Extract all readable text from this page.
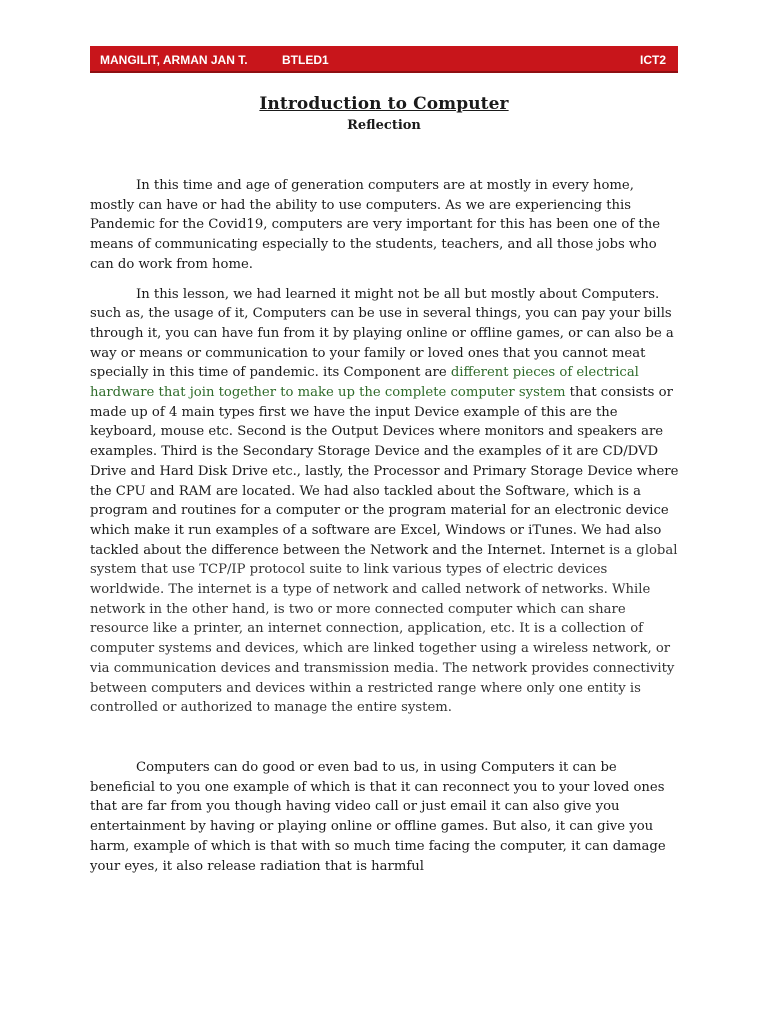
MANGILIT, ARMAN JAN T.	BTLED1	ICT2
Introduction to Computer
Reflection

In this time and age of generation computers are at mostly in every home, mostly can have or had the ability to use computers. As we are experiencing this Pandemic for the Covid19, computers are very important for this has been one of the means of communicating especially to the students, teachers, and all those jobs who can do work from home.

In this lesson, we had learned it might not be all but mostly about Computers. such as, the usage of it, Computers can be use in several things, you can pay your bills through it, you can have fun from it by playing online or offline games, or can also be a way or means or communication to your family or loved ones that you cannot meat specially in this time of pandemic. its Component are different pieces of electrical hardware that join together to make up the complete computer system that consists or made up of 4 main types first we have the input Device example of this are the keyboard, mouse etc. Second is the Output Devices where monitors and speakers are examples. Third is the Secondary Storage Device and the examples of it are CD/DVD Drive and Hard Disk Drive etc., lastly, the Processor and Primary Storage Device where the CPU and RAM are located. We had also tackled about the Software, which is a program and routines for a computer or the program material for an electronic device which make it run examples of a software are Excel, Windows or iTunes. We had also tackled about the difference between the Network and the Internet. Internet is a global system that use TCP/IP protocol suite to link various types of electric devices worldwide. The internet is a type of network and called network of networks. While network in the other hand, is two or more connected computer which can share resource like a printer, an internet connection, application, etc. It is a collection of computer systems and devices, which are linked together using a wireless network, or via communication devices and transmission media. The network provides connectivity between computers and devices within a restricted range where only one entity is controlled or authorized to manage the entire system.

Computers can do good or even bad to us, in using Computers it can be beneficial to you one example of which is that it can reconnect you to your loved ones that are far from you though having video call or just email it can also give you entertainment by having or playing online or offline games. But also, it can give you harm, example of which is that with so much time facing the computer, it can damage your eyes, it also release radiation that is harmful
